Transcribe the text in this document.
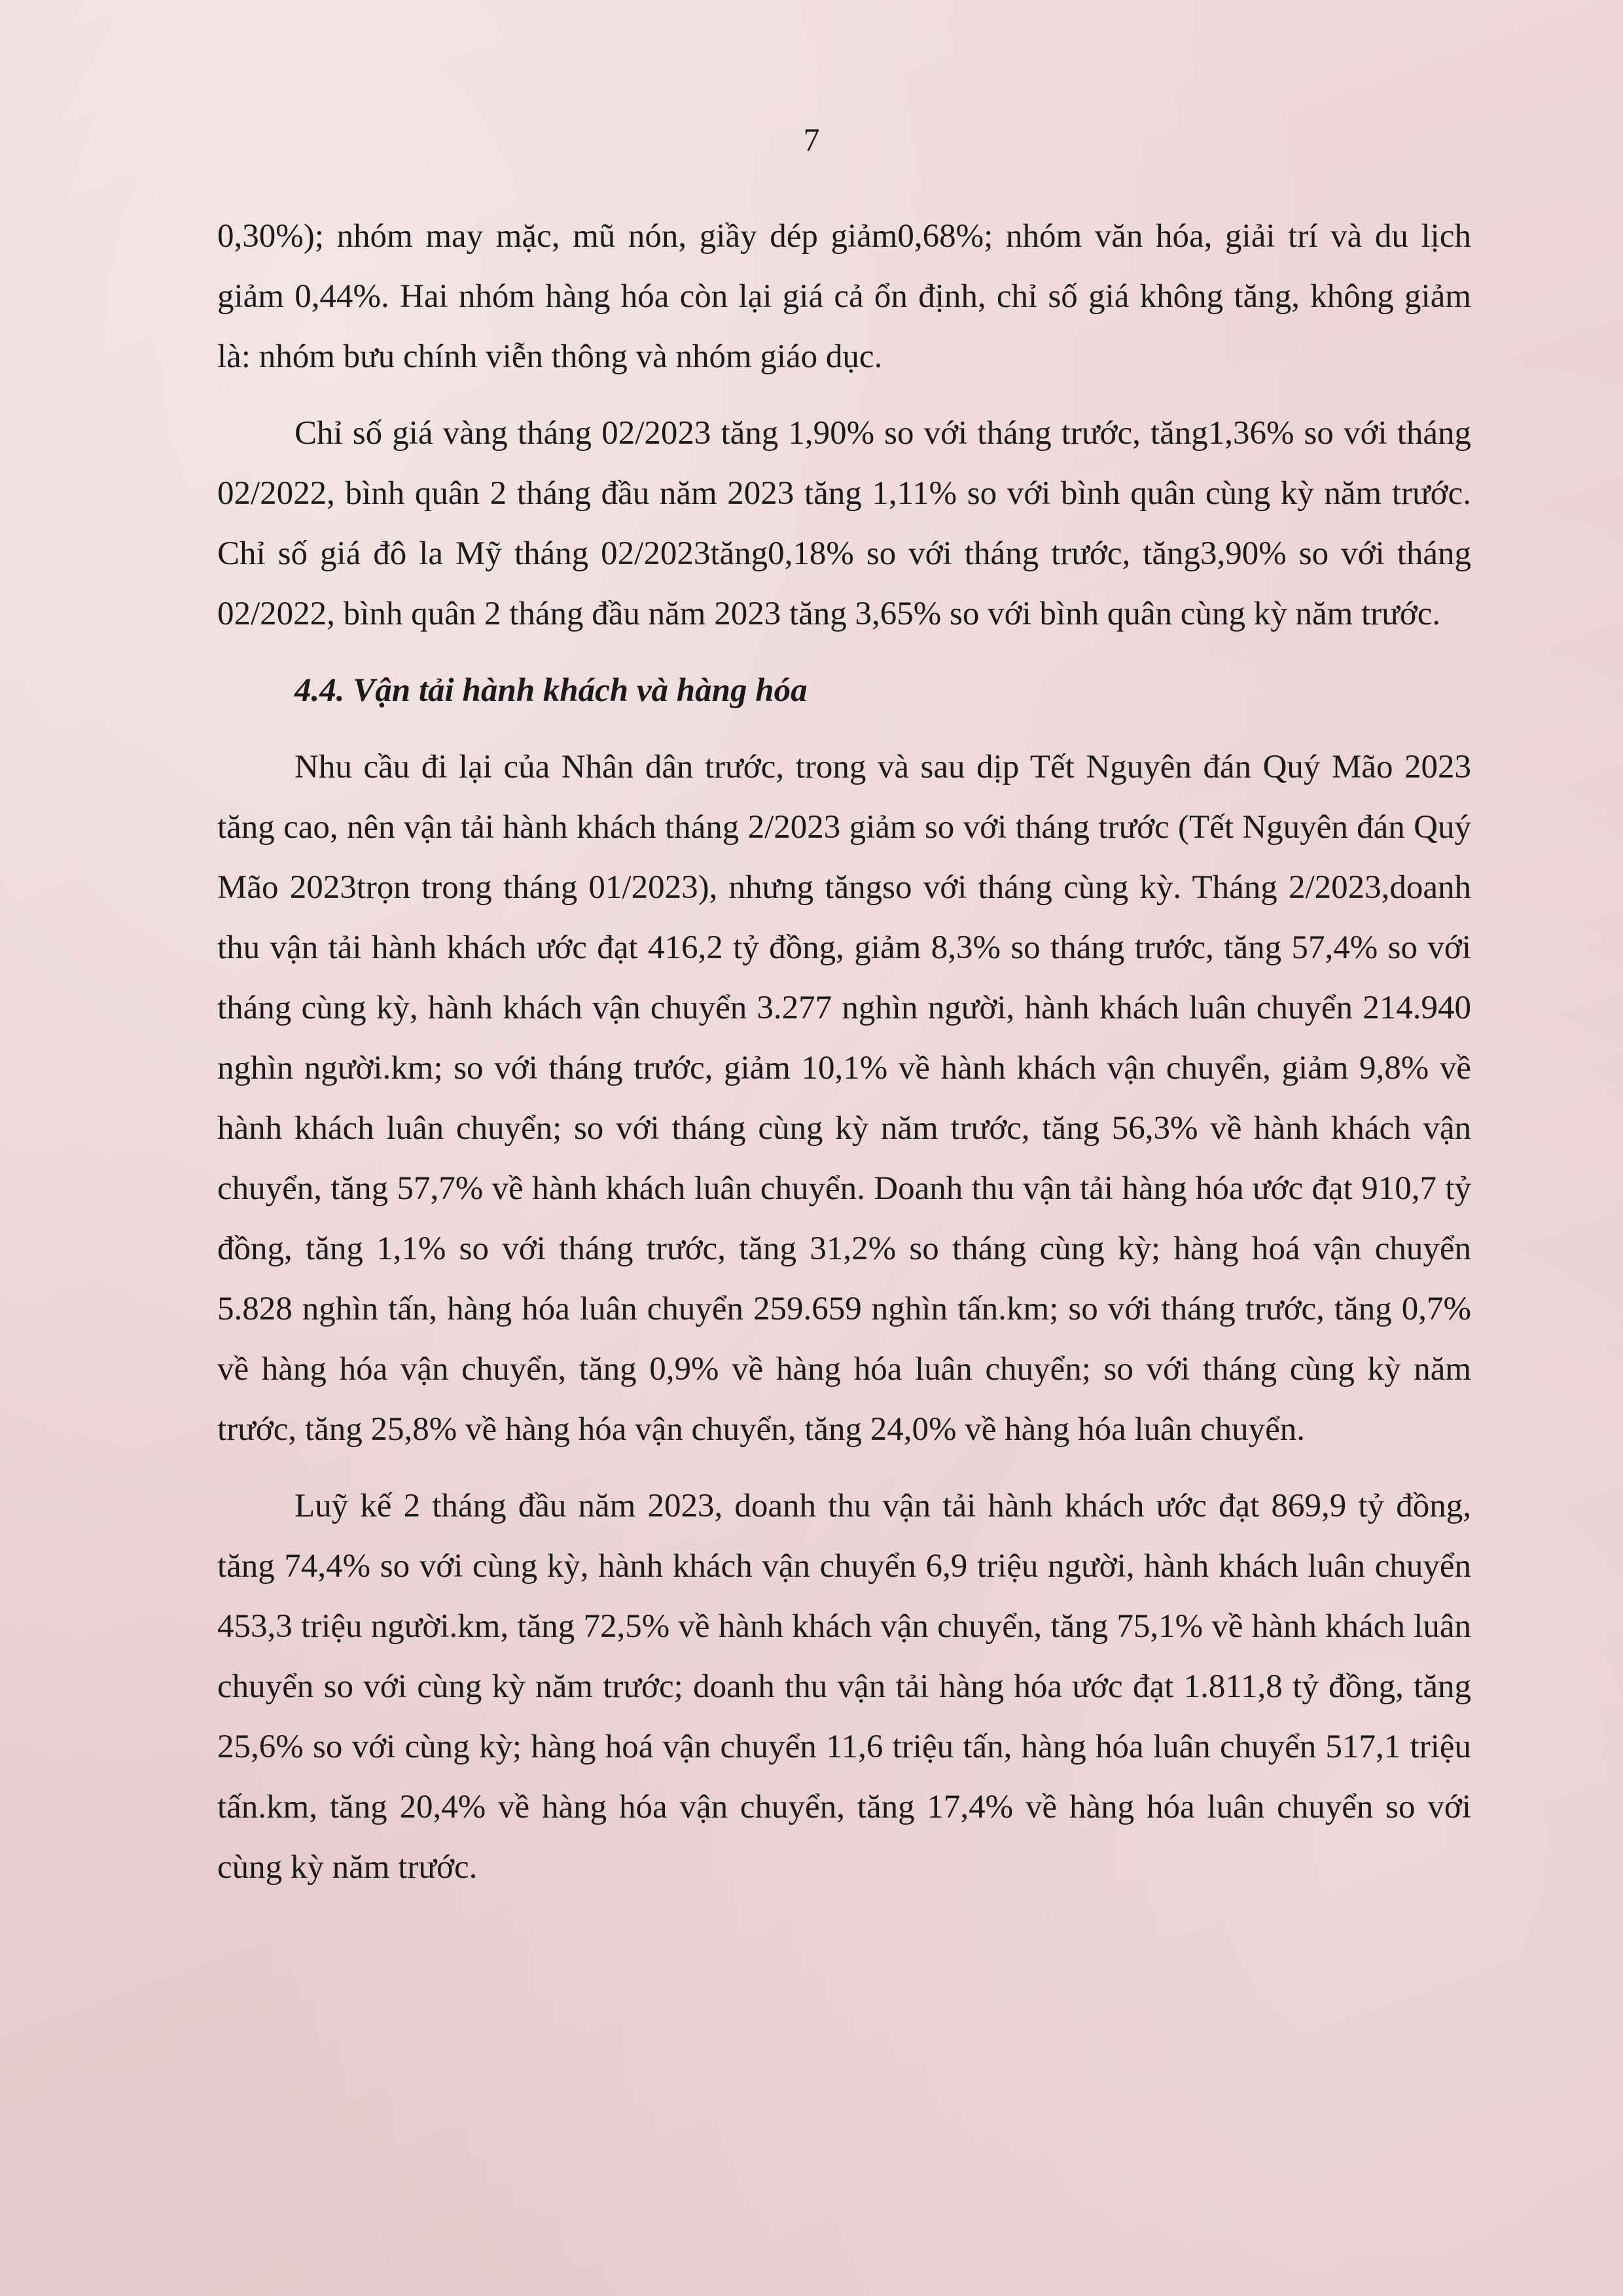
7

0,30%); nhóm may mặc, mũ nón, giầy dép giảm0,68%; nhóm văn hóa, giải trí và du lịch giảm 0,44%. Hai nhóm hàng hóa còn lại giá cả ổn định, chỉ số giá không tăng, không giảm là: nhóm bưu chính viễn thông và nhóm giáo dục.

Chỉ số giá vàng tháng 02/2023 tăng 1,90% so với tháng trước, tăng1,36% so với tháng 02/2022, bình quân 2 tháng đầu năm 2023 tăng 1,11% so với bình quân cùng kỳ năm trước. Chỉ số giá đô la Mỹ tháng 02/2023tăng0,18% so với tháng trước, tăng3,90% so với tháng 02/2022, bình quân 2 tháng đầu năm 2023 tăng 3,65% so với bình quân cùng kỳ năm trước.

4.4. Vận tải hành khách và hàng hóa

Nhu cầu đi lại của Nhân dân trước, trong và sau dịp Tết Nguyên đán Quý Mão 2023 tăng cao, nên vận tải hành khách tháng 2/2023 giảm so với tháng trước (Tết Nguyên đán Quý Mão 2023trọn trong tháng 01/2023), nhưng tăngso với tháng cùng kỳ. Tháng 2/2023,doanh thu vận tải hành khách ước đạt 416,2 tỷ đồng, giảm 8,3% so tháng trước, tăng 57,4% so với tháng cùng kỳ, hành khách vận chuyển 3.277 nghìn người, hành khách luân chuyển 214.940 nghìn người.km; so với tháng trước, giảm 10,1% về hành khách vận chuyển, giảm 9,8% về hành khách luân chuyển; so với tháng cùng kỳ năm trước, tăng 56,3% về hành khách vận chuyển, tăng 57,7% về hành khách luân chuyển. Doanh thu vận tải hàng hóa ước đạt 910,7 tỷ đồng, tăng 1,1% so với tháng trước, tăng 31,2% so tháng cùng kỳ; hàng hoá vận chuyển 5.828 nghìn tấn, hàng hóa luân chuyển 259.659 nghìn tấn.km; so với tháng trước, tăng 0,7% về hàng hóa vận chuyển, tăng 0,9% về hàng hóa luân chuyển; so với tháng cùng kỳ năm trước, tăng 25,8% về hàng hóa vận chuyển, tăng 24,0% về hàng hóa luân chuyển.

Luỹ kế 2 tháng đầu năm 2023, doanh thu vận tải hành khách ước đạt 869,9 tỷ đồng, tăng 74,4% so với cùng kỳ, hành khách vận chuyển 6,9 triệu người, hành khách luân chuyển 453,3 triệu người.km, tăng 72,5% về hành khách vận chuyển, tăng 75,1% về hành khách luân chuyển so với cùng kỳ năm trước; doanh thu vận tải hàng hóa ước đạt 1.811,8 tỷ đồng, tăng 25,6% so với cùng kỳ; hàng hoá vận chuyển 11,6 triệu tấn, hàng hóa luân chuyển 517,1 triệu tấn.km, tăng 20,4% về hàng hóa vận chuyển, tăng 17,4% về hàng hóa luân chuyển so với cùng kỳ năm trước.
